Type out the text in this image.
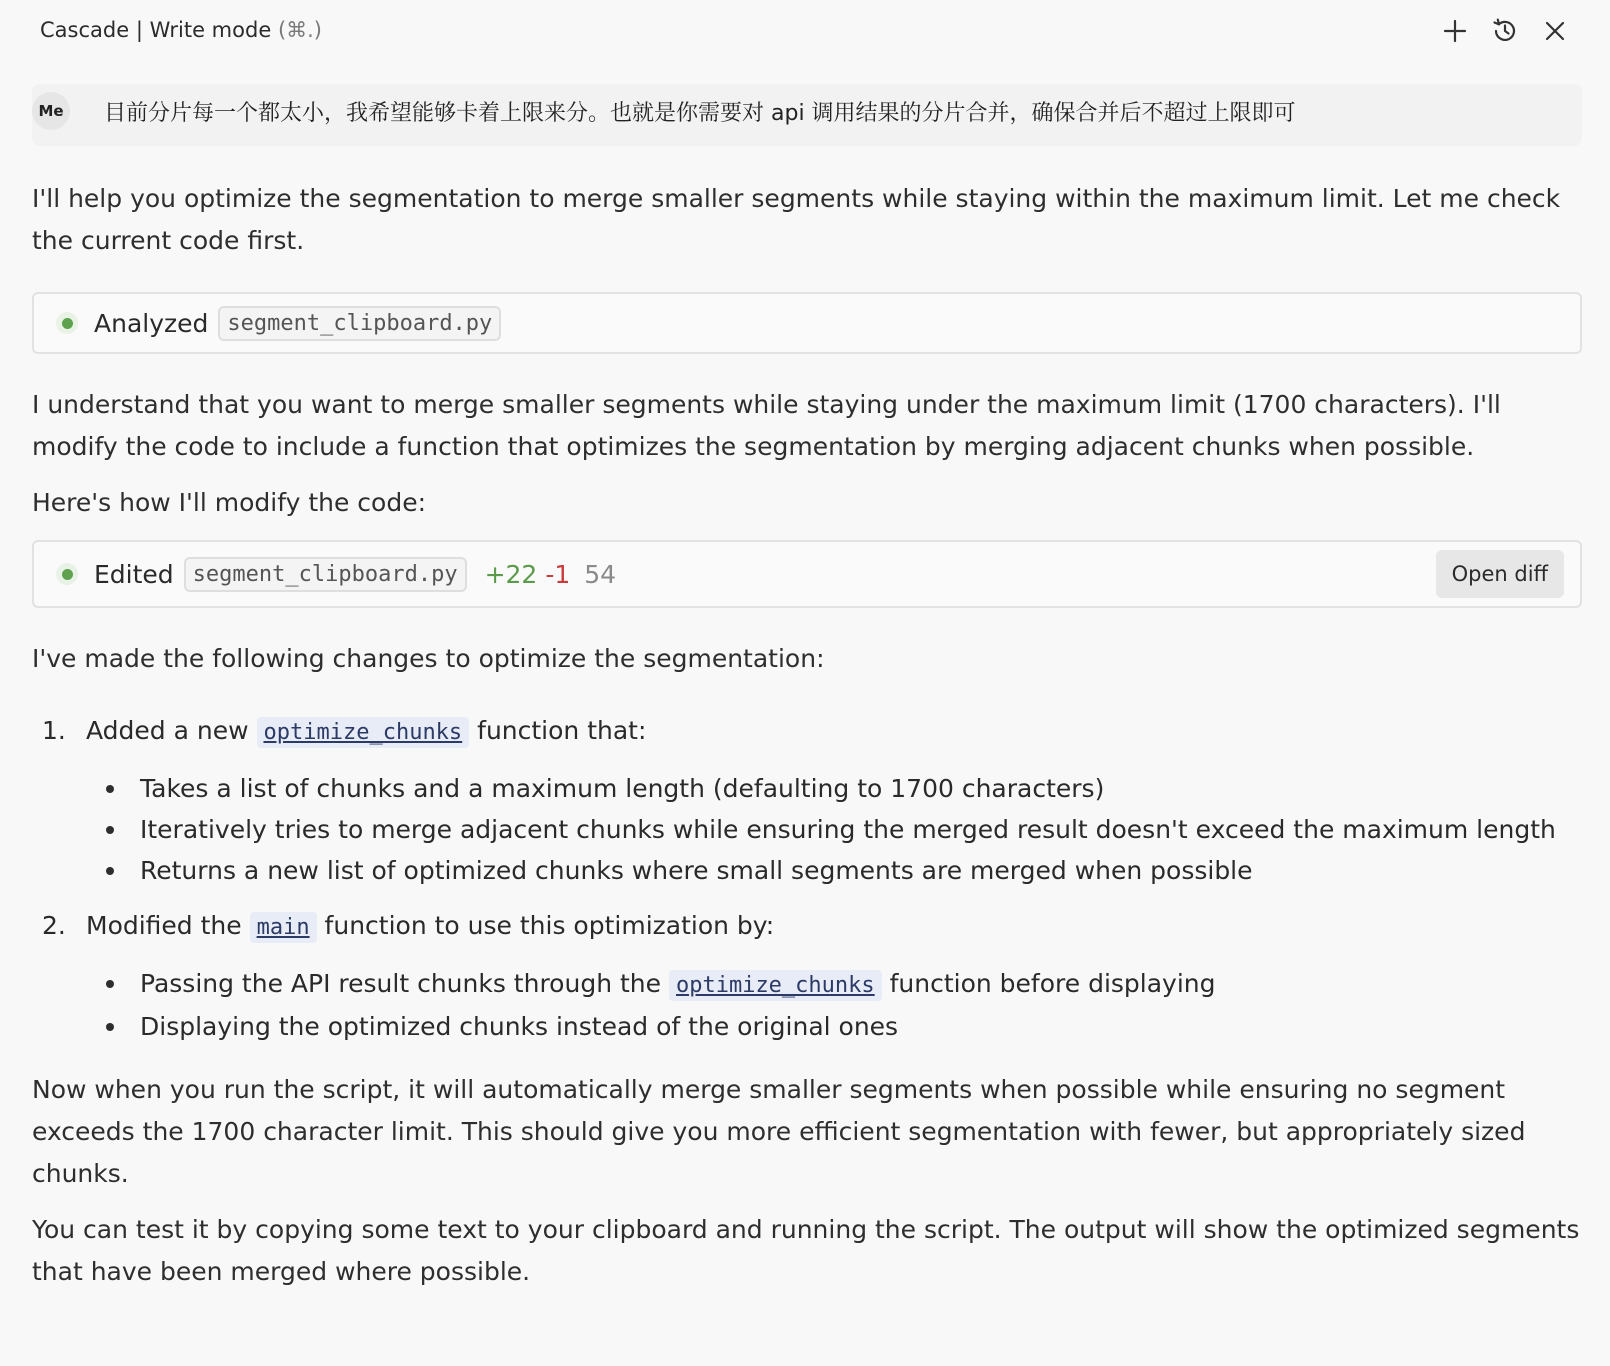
Cascade | Write mode (⌘.)
Me 目前分片每一个都太小，我希望能够卡着上限来分。也就是你需要对 api 调用结果的分片合并，确保合并后不超过上限即可

I'll help you optimize the segmentation to merge smaller segments while staying within the maximum limit. Let me check the current code first.

Analyzed segment_clipboard.py

I understand that you want to merge smaller segments while staying under the maximum limit (1700 characters). I'll modify the code to include a function that optimizes the segmentation by merging adjacent chunks when possible.

Here's how I'll modify the code:

Edited segment_clipboard.py	+22 -1 54	Open diff

I've made the following changes to optimize the segmentation:

1. Added a new optimize_chunks function that:
Takes a list of chunks and a maximum length (defaulting to 1700 characters)
Iteratively tries to merge adjacent chunks while ensuring the merged result doesn't exceed the maximum length
Returns a new list of optimized chunks where small segments are merged when possible
2. Modified the main function to use this optimization by:
Passing the API result chunks through the optimize_chunks function before displaying
Displaying the optimized chunks instead of the original ones

Now when you run the script, it will automatically merge smaller segments when possible while ensuring no segment exceeds the 1700 character limit. This should give you more efficient segmentation with fewer, but appropriately sized chunks.

You can test it by copying some text to your clipboard and running the script. The output will show the optimized segments that have been merged where possible.
